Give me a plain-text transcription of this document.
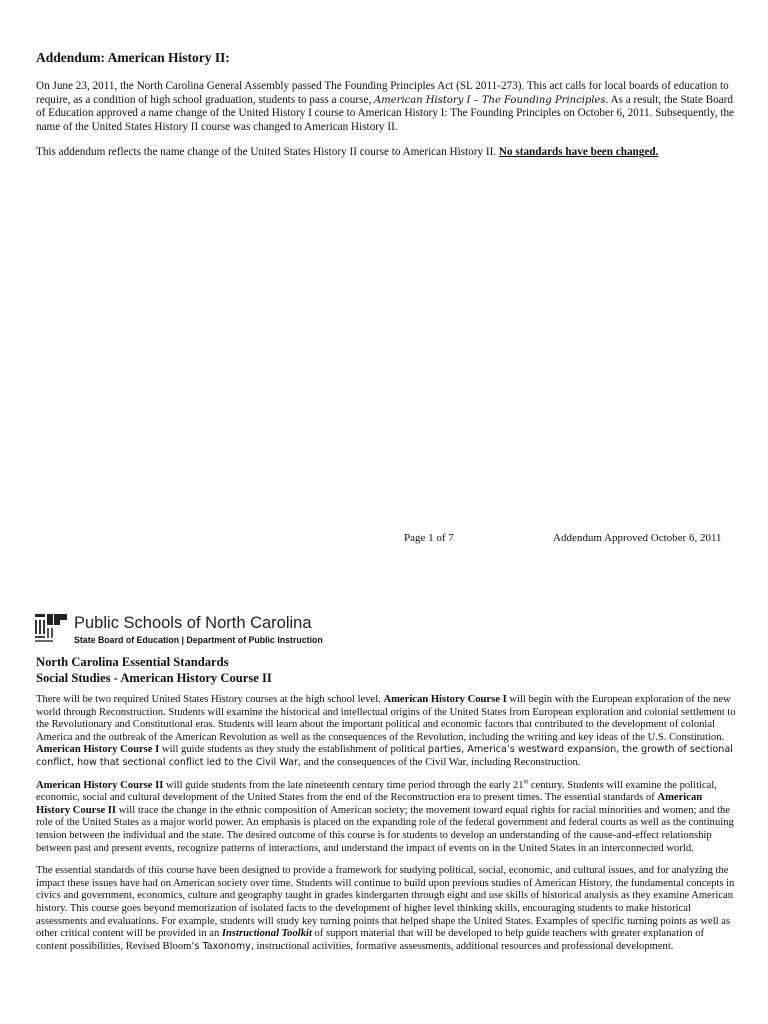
Addendum: American History II:

On June 23, 2011, the North Carolina General Assembly passed The Founding Principles Act (SL 2011-273). This act calls for local boards of education to require, as a condition of high school graduation, students to pass a course, American History I – The Founding Principles. As a result, the State Board of Education approved a name change of the United History I course to American History I: The Founding Principles on October 6, 2011. Subsequently, the name of the United States History II course was changed to American History II.

This addendum reflects the name change of the United States History II course to American History II. No standards have been changed.

Page 1 of 7	Addendum Approved October 6, 2011
Public Schools of North Carolina
State Board of Education | Department of Public Instruction
North Carolina Essential Standards
Social Studies - American History Course II

There will be two required United States History courses at the high school level. American History Course I will begin with the European exploration of the new world through Reconstruction. Students will examine the historical and intellectual origins of the United States from European exploration and colonial settlement to the Revolutionary and Constitutional eras. Students will learn about the important political and economic factors that contributed to the development of colonial America and the outbreak of the American Revolution as well as the consequences of the Revolution, including the writing and key ideas of the U.S. Constitution. American History Course I will guide students as they study the establishment of political parties, America’s westward expansion, the growth of sectional conflict, how that sectional conflict led to the Civil War, and the consequences of the Civil War, including Reconstruction.

American History Course II will guide students from the late nineteenth century time period through the early 21st century. Students will examine the political, economic, social and cultural development of the United States from the end of the Reconstruction era to present times. The essential standards of American History Course II will trace the change in the ethnic composition of American society; the movement toward equal rights for racial minorities and women; and the role of the United States as a major world power. An emphasis is placed on the expanding role of the federal government and federal courts as well as the continuing tension between the individual and the state. The desired outcome of this course is for students to develop an understanding of the cause-and-effect relationship between past and present events, recognize patterns of interactions, and understand the impact of events on in the United States in an interconnected world.

The essential standards of this course have been designed to provide a framework for studying political, social, economic, and cultural issues, and for analyzing the impact these issues have had on American society over time. Students will continue to build upon previous studies of American History, the fundamental concepts in civics and government, economics, culture and geography taught in grades kindergarten through eight and use skills of historical analysis as they examine American history. This course goes beyond memorization of isolated facts to the development of higher level thinking skills, encouraging students to make historical assessments and evaluations. For example, students will study key turning points that helped shape the United States. Examples of specific turning points as well as other critical content will be provided in an Instructional Toolkit of support material that will be developed to help guide teachers with greater explanation of content possibilities, Revised Bloom’s Taxonomy, instructional activities, formative assessments, additional resources and professional development.
